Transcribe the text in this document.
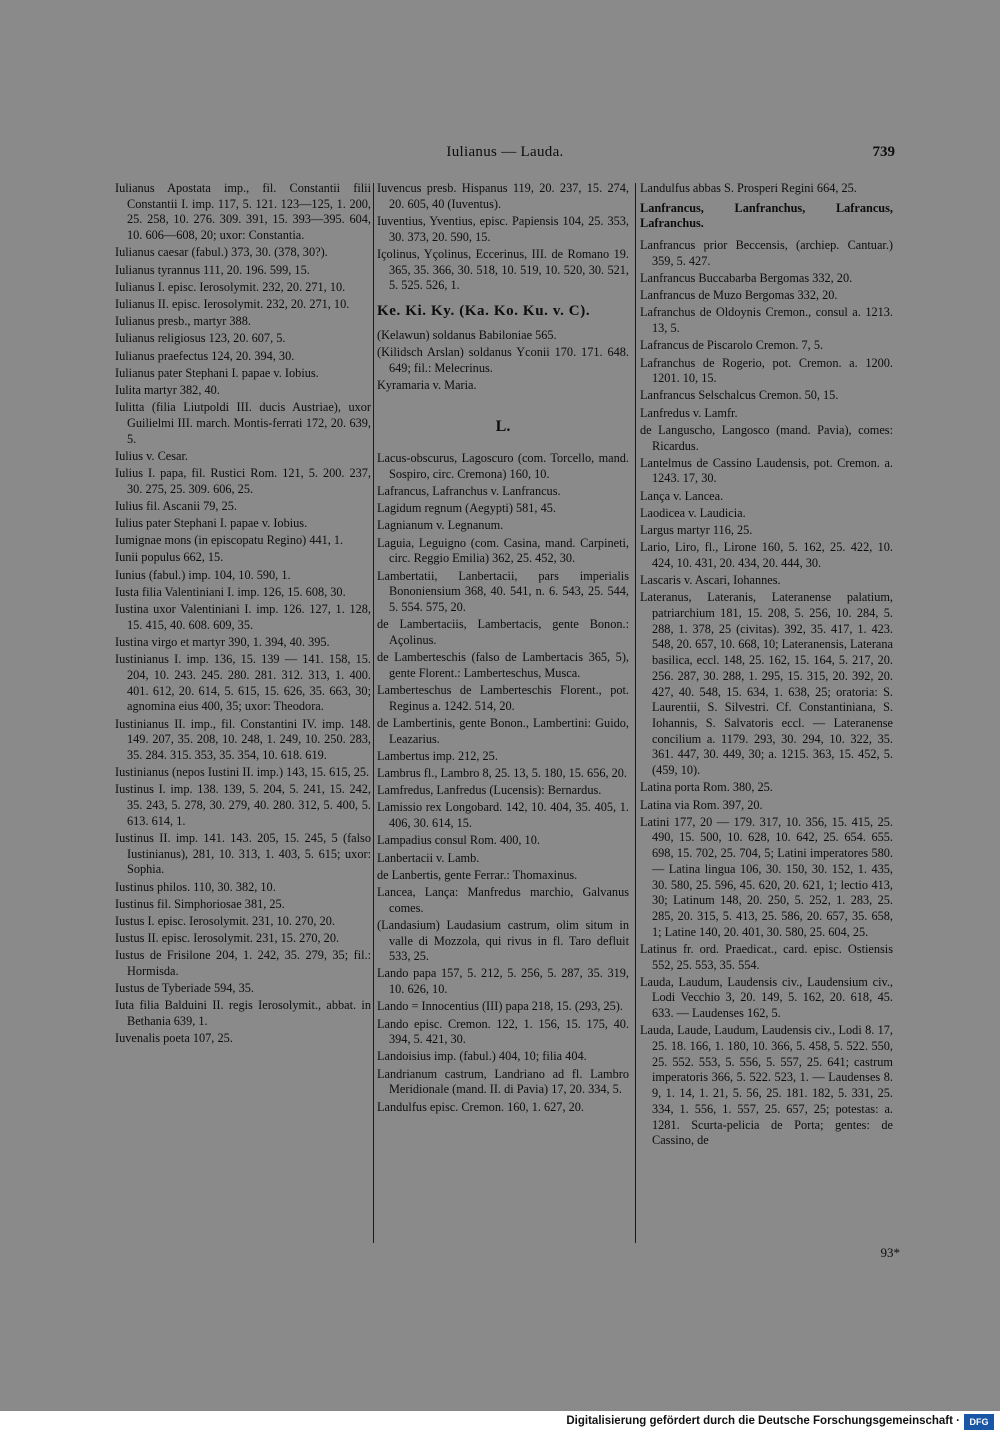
Iulianus — Lauda.	739
Iulianus Apostata imp., fil. Constantii filii Constantii I. imp. 117, 5. 121. 123—125, 1. 200, 25. 258, 10. 276. 309. 391, 15. 393—395. 604, 10. 606—608, 20; uxor: Constantia.
Iulianus caesar (fabul.) 373, 30. (378, 30?).
Iulianus tyrannus 111, 20. 196. 599, 15.
Iulianus I. episc. Ierosolymit. 232, 20. 271, 10.
Iulianus II. episc. Ierosolymit. 232, 20. 271, 10.
Iulianus presb., martyr 388.
Iulianus religiosus 123, 20. 607, 5.
Iulianus praefectus 124, 20. 394, 30.
Iulianus pater Stephani I. papae v. Iobius.
Iulita martyr 382, 40.
Iulitta (filia Liutpoldi III. ducis Austriae), uxor Guilielmi III. march. Montis-ferrati 172, 20. 639, 5.
Iulius v. Cesar.
Iulius I. papa, fil. Rustici Rom. 121, 5. 200. 237, 30. 275, 25. 309. 606, 25.
Iulius fil. Ascanii 79, 25.
Iulius pater Stephani I. papae v. Iobius.
Iumignae mons (in episcopatu Regino) 441, 1.
Iunii populus 662, 15.
Iunius (fabul.) imp. 104, 10. 590, 1.
Iusta filia Valentiniani I. imp. 126, 15. 608, 30.
Iustina uxor Valentiniani I. imp. 126. 127, 1. 128, 15. 415, 40. 608. 609, 35.
Iustina virgo et martyr 390, 1. 394, 40. 395.
Iustinianus I. imp. 136, 15. 139 — 141. 158, 15. 204, 10. 243. 245. 280. 281. 312. 313, 1. 400. 401. 612, 20. 614, 5. 615, 15. 626, 35. 663, 30; agnomina eius 400, 35; uxor: Theodora.
Iustinianus II. imp., fil. Constantini IV. imp. 148. 149. 207, 35. 208, 10. 248, 1. 249, 10. 250. 283, 35. 284. 315. 353, 35. 354, 10. 618. 619.
Iustinianus (nepos Iustini II. imp.) 143, 15. 615, 25.
Iustinus I. imp. 138. 139, 5. 204, 5. 241, 15. 242, 35. 243, 5. 278, 30. 279, 40. 280. 312, 5. 400, 5. 613. 614, 1.
Iustinus II. imp. 141. 143. 205, 15. 245, 5 (falso Iustinianus), 281, 10. 313, 1. 403, 5. 615; uxor: Sophia.
Iustinus philos. 110, 30. 382, 10.
Iustinus fil. Simphoriosae 381, 25.
Iustus I. episc. Ierosolymit. 231, 10. 270, 20.
Iustus II. episc. Ierosolymit. 231, 15. 270, 20.
Iustus de Frisilone 204, 1. 242, 35. 279, 35; fil.: Hormisda.
Iustus de Tyberiade 594, 35.
Iuta filia Balduini II. regis Ierosolymit., abbat. in Bethania 639, 1.
Iuvenalis poeta 107, 25.
Iuvencus presb. Hispanus 119, 20. 237, 15. 274, 20. 605, 40 (Iuventus).
Iuventius, Yventius, episc. Papiensis 104, 25. 353, 30. 373, 20. 590, 15.
Içolinus, Yçolinus, Eccerinus, III. de Romano 19. 365, 35. 366, 30. 518, 10. 519, 10. 520, 30. 521, 5. 525. 526, 1.
Ke. Ki. Ky. (Ka. Ko. Ku. v. C).
(Kelawun) soldanus Babiloniae 565.
(Kilidsch Arslan) soldanus Yconii 170. 171. 648. 649; fil.: Melecrinus.
Kyramaria v. Maria.
L.
Lacus-obscurus, Lagoscuro (com. Torcello, mand. Sospiro, circ. Cremona) 160, 10.
Lafrancus, Lafranchus v. Lanfrancus.
Lagidum regnum (Aegypti) 581, 45.
Lagnianum v. Legnanum.
Laguia, Leguigno (com. Casina, mand. Carpineti, circ. Reggio Emilia) 362, 25. 452, 30.
Lambertatii, Lanbertacii, pars imperialis Bononiensium 368, 40. 541, n. 6. 543, 25. 544, 5. 554. 575, 20.
de Lambertaciis, Lambertacis, gente Bonon.: Açolinus.
de Lamberteschis (falso de Lambertacis 365, 5), gente Florent.: Lamberteschus, Musca.
Lamberteschus de Lamberteschis Florent., pot. Reginus a. 1242. 514, 20.
de Lambertinis, gente Bonon., Lambertini: Guido, Leazarius.
Lambertus imp. 212, 25.
Lambrus fl., Lambro 8, 25. 13, 5. 180, 15. 656, 20.
Lamfredus, Lanfredus (Lucensis): Bernardus.
Lamissio rex Longobard. 142, 10. 404, 35. 405, 1. 406, 30. 614, 15.
Lampadius consul Rom. 400, 10.
Lanbertacii v. Lamb.
de Lanbertis, gente Ferrar.: Thomaxinus.
Lancea, Lança: Manfredus marchio, Galvanus comes.
(Landasium) Laudasium castrum, olim situm in valle di Mozzola, qui rivus in fl. Taro defluit 533, 25.
Lando papa 157, 5. 212, 5. 256, 5. 287, 35. 319, 10. 626, 10.
Lando = Innocentius (III) papa 218, 15. (293, 25).
Lando episc. Cremon. 122, 1. 156, 15. 175, 40. 394, 5. 421, 30.
Landoisius imp. (fabul.) 404, 10; filia 404.
Landrianum castrum, Landriano ad fl. Lambro Meridionale (mand. II. di Pavia) 17, 20. 334, 5.
Landulfus episc. Cremon. 160, 1. 627, 20.
Landulfus abbas S. Prosperi Regini 664, 25.
Lanfrancus, Lanfranchus, Lafrancus, Lafranchus.
Lanfrancus prior Beccensis, (archiep. Cantuar.) 359, 5. 427.
Lanfrancus Buccabarba Bergomas 332, 20.
Lanfrancus de Muzo Bergomas 332, 20.
Lafranchus de Oldoynis Cremon., consul a. 1213. 13, 5.
Lafrancus de Piscarolo Cremon. 7, 5.
Lafranchus de Rogerio, pot. Cremon. a. 1200. 1201. 10, 15.
Lanfrancus Selschalcus Cremon. 50, 15.
Lanfredus v. Lamfr.
de Languscho, Langosco (mand. Pavia), comes: Ricardus.
Lantelmus de Cassino Laudensis, pot. Cremon. a. 1243. 17, 30.
Lança v. Lancea.
Laodicea v. Laudicia.
Largus martyr 116, 25.
Lario, Liro, fl., Lirone 160, 5. 162, 25. 422, 10. 424, 10. 431, 20. 434, 20. 444, 30.
Lascaris v. Ascari, Iohannes.
Lateranus, Lateranis, Lateranense palatium, patriarchium 181, 15. 208, 5. 256, 10. 284, 5. 288, 1. 378, 25 (civitas). 392, 35. 417, 1. 423. 548, 20. 657, 10. 668, 10; Lateranensis, Laterana basilica, eccl. 148, 25. 162, 15. 164, 5. 217, 20. 256. 287, 30. 288, 1. 295, 15. 315, 20. 392, 20. 427, 40. 548, 15. 634, 1. 638, 25; oratoria: S. Laurentii, S. Silvestri. Cf. Constantiniana, S. Iohannis, S. Salvatoris eccl. — Lateranense concilium a. 1179. 293, 30. 294, 10. 322, 35. 361. 447, 30. 449, 30; a. 1215. 363, 15. 452, 5. (459, 10).
Latina porta Rom. 380, 25.
Latina via Rom. 397, 20.
Latini 177, 20 — 179. 317, 10. 356, 15. 415, 25. 490, 15. 500, 10. 628, 10. 642, 25. 654. 655. 698, 15. 702, 25. 704, 5; Latini imperatores 580. — Latina lingua 106, 30. 150, 30. 152, 1. 435, 30. 580, 25. 596, 45. 620, 20. 621, 1; lectio 413, 30; Latinum 148, 20. 250, 5. 252, 1. 283, 25. 285, 20. 315, 5. 413, 25. 586, 20. 657, 35. 658, 1; Latine 140, 20. 401, 30. 580, 25. 604, 25.
Latinus fr. ord. Praedicat., card. episc. Ostiensis 552, 25. 553, 35. 554.
Lauda, Laudum, Laudensis civ., Laudensium civ., Lodi Vecchio 3, 20. 149, 5. 162, 20. 618, 45. 633. — Laudenses 162, 5.
Lauda, Laude, Laudum, Laudensis civ., Lodi 8. 17, 25. 18. 166, 1. 180, 10. 366, 5. 458, 5. 522. 550, 25. 552. 553, 5. 556, 5. 557, 25. 641; castrum imperatoris 366, 5. 522. 523, 1. — Laudenses 8. 9, 1. 14, 1. 21, 5. 56, 25. 181. 182, 5. 331, 25. 334, 1. 556, 1. 557, 25. 657, 25; potestas: a. 1281. Scurta-pelicia de Porta; gentes: de Cassino, de
93*
Digitalisierung gefördert durch die Deutsche Forschungsgemeinschaft ·	DFG
